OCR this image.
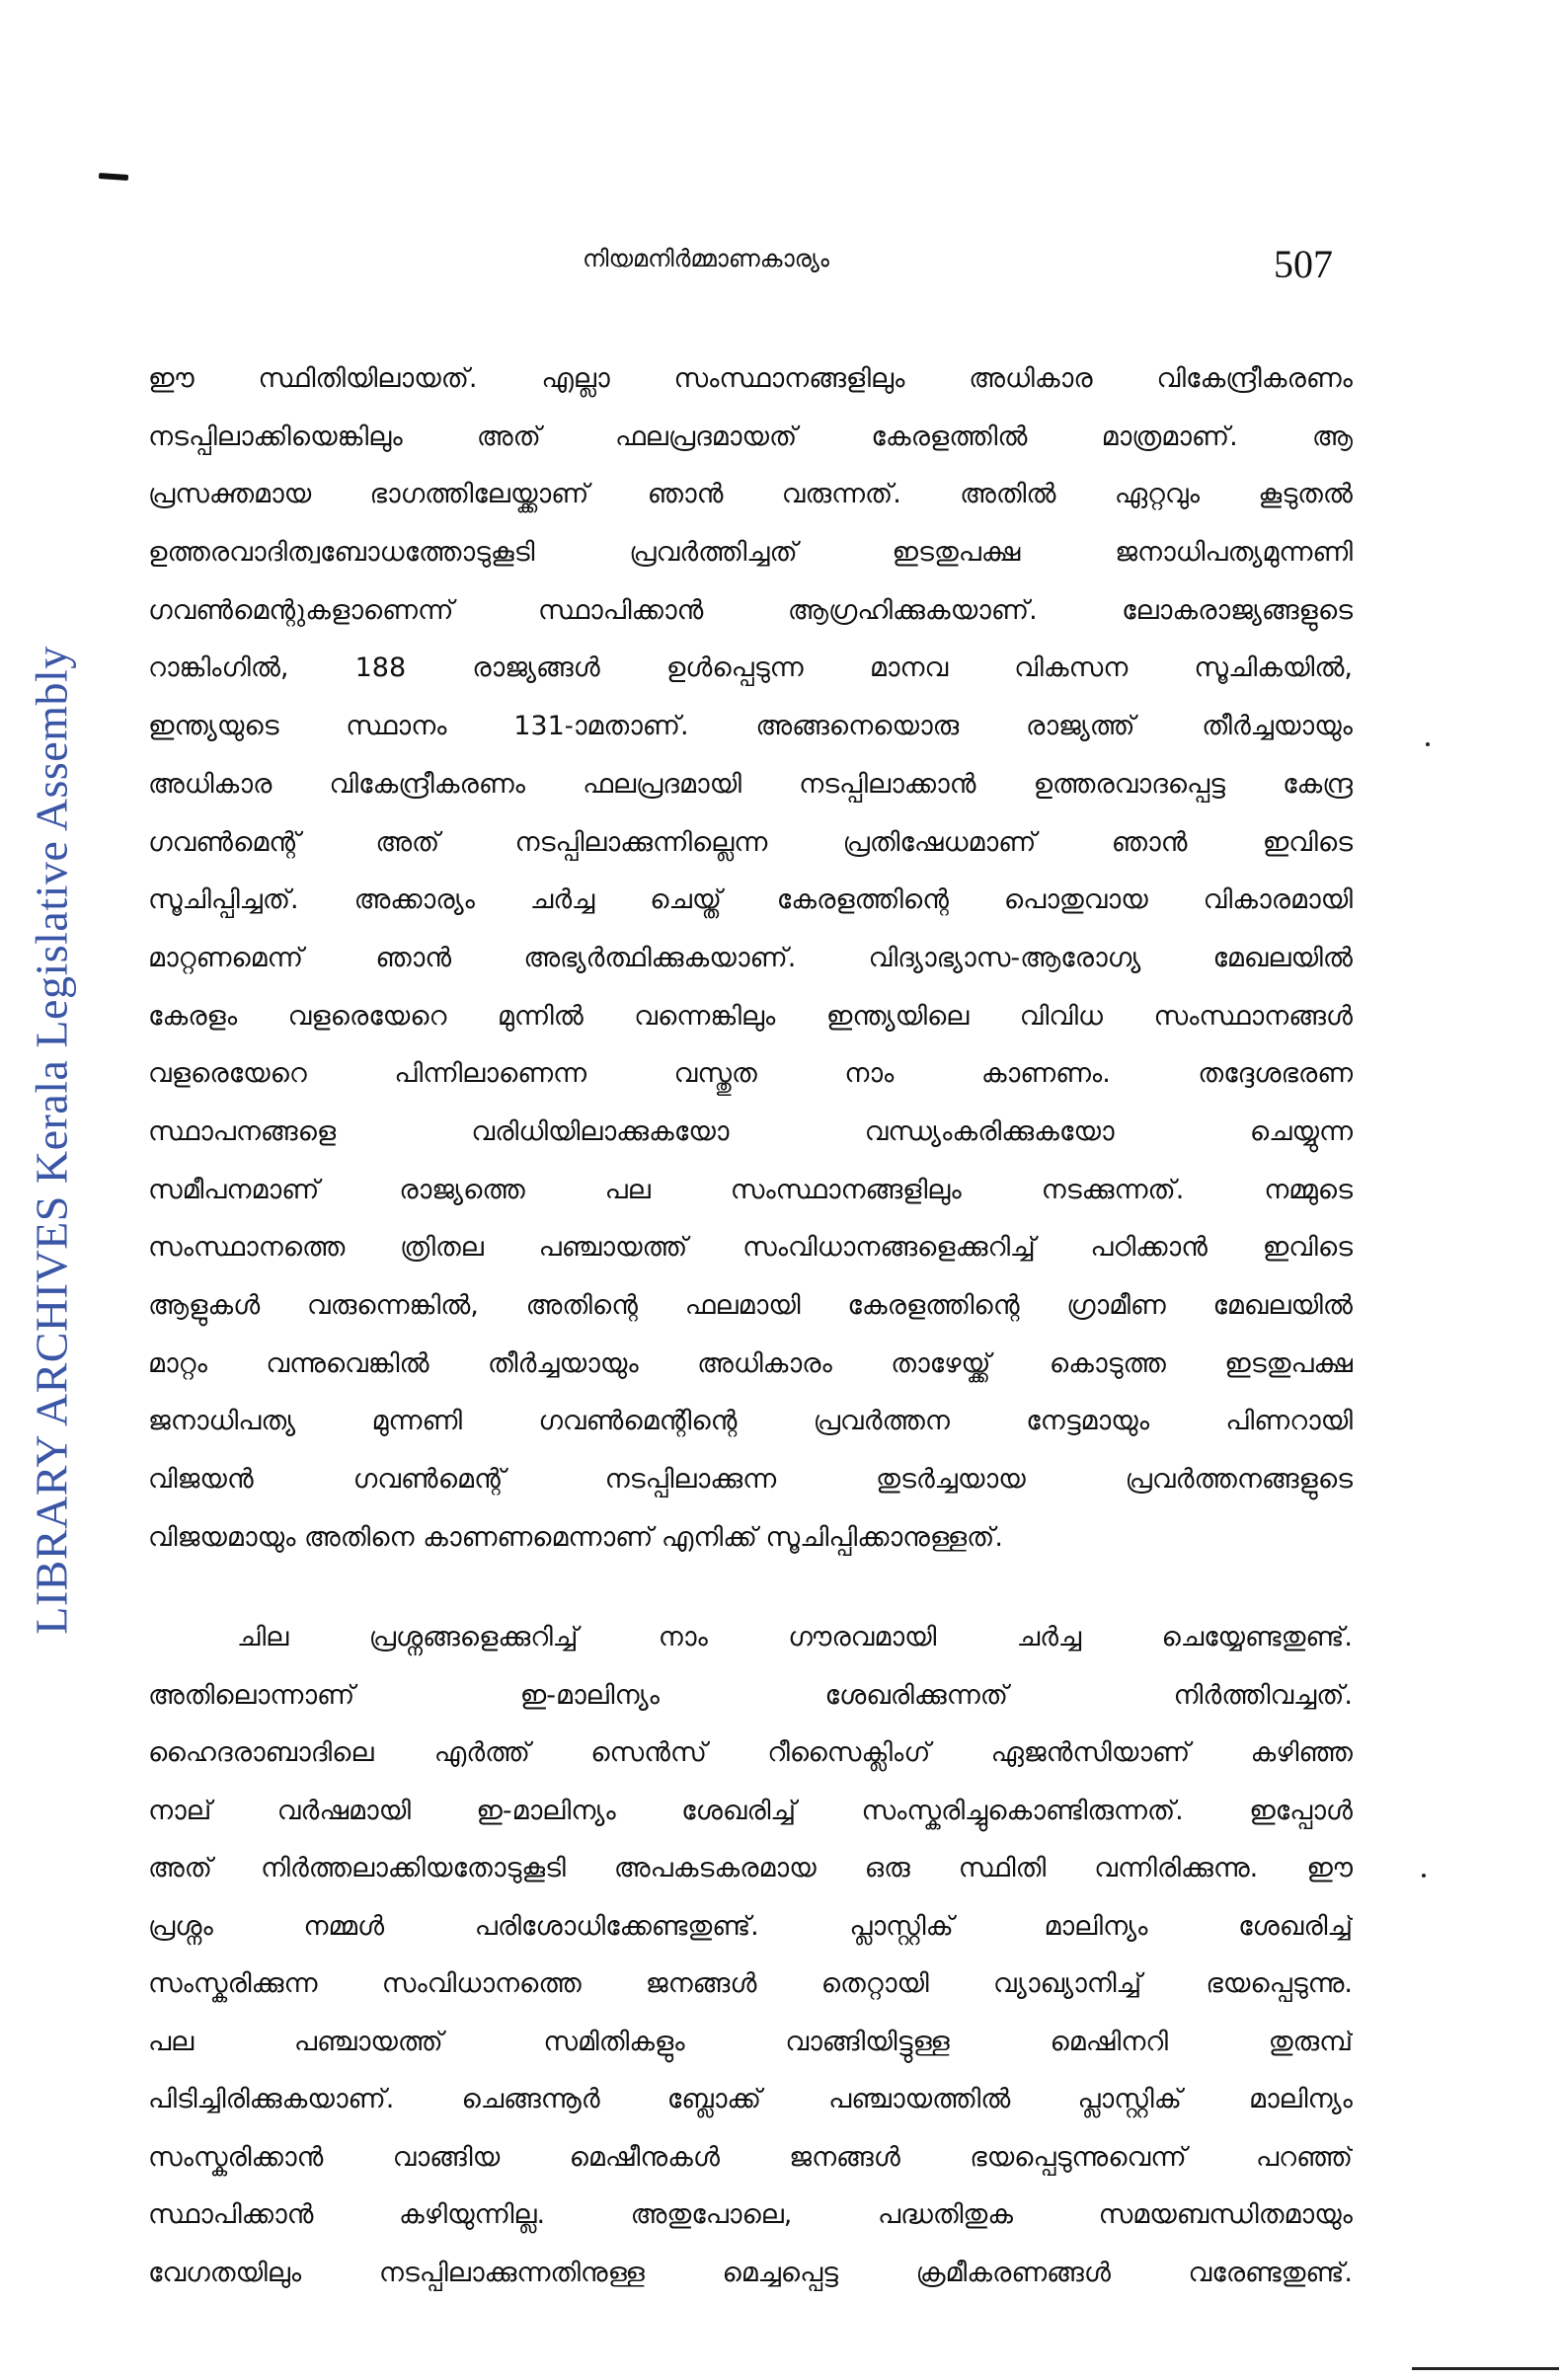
LIBRARY ARCHIVES Kerala Legislative Assembly
നിയമനിർമ്മാണകാര്യം	507
ഈ സ്ഥിതിയിലായത്. എല്ലാ സംസ്ഥാനങ്ങളിലും അധികാര വികേന്ദ്രീകരണം
നടപ്പിലാക്കിയെങ്കിലും അത് ഫലപ്രദമായത് കേരളത്തിൽ മാത്രമാണ്. ആ
പ്രസക്തമായ ഭാഗത്തിലേയ്ക്കാണ് ഞാൻ വരുന്നത്. അതിൽ ഏറ്റവും കൂടുതൽ
ഉത്തരവാദിത്വബോധത്തോടുകൂടി പ്രവർത്തിച്ചത് ഇടതുപക്ഷ ജനാധിപത്യമുന്നണി
ഗവൺമെന്റുകളാണെന്ന് സ്ഥാപിക്കാൻ ആഗ്രഹിക്കുകയാണ്. ലോകരാജ്യങ്ങളുടെ
റാങ്കിംഗിൽ, 188 രാജ്യങ്ങൾ ഉൾപ്പെടുന്ന മാനവ വികസന സൂചികയിൽ,
ഇന്ത്യയുടെ സ്ഥാനം 131-ാമതാണ്. അങ്ങനെയൊരു രാജ്യത്ത് തീർച്ചയായും
അധികാര വികേന്ദ്രീകരണം ഫലപ്രദമായി നടപ്പിലാക്കാൻ ഉത്തരവാദപ്പെട്ട കേന്ദ്ര
ഗവൺമെന്റ് അത് നടപ്പിലാക്കുന്നില്ലെന്ന പ്രതിഷേധമാണ് ഞാൻ ഇവിടെ
സൂചിപ്പിച്ചത്. അക്കാര്യം ചർച്ച ചെയ്ത് കേരളത്തിന്റെ പൊതുവായ വികാരമായി
മാറ്റണമെന്ന് ഞാൻ അഭ്യർത്ഥിക്കുകയാണ്. വിദ്യാഭ്യാസ-ആരോഗ്യ മേഖലയിൽ
കേരളം വളരെയേറെ മുന്നിൽ വന്നെങ്കിലും ഇന്ത്യയിലെ വിവിധ സംസ്ഥാനങ്ങൾ
വളരെയേറെ പിന്നിലാണെന്ന വസ്തുത നാം കാണണം. തദ്ദേശഭരണ
സ്ഥാപനങ്ങളെ വരിധിയിലാക്കുകയോ വന്ധ്യംകരിക്കുകയോ ചെയ്യുന്ന
സമീപനമാണ് രാജ്യത്തെ പല സംസ്ഥാനങ്ങളിലും നടക്കുന്നത്. നമ്മുടെ
സംസ്ഥാനത്തെ ത്രിതല പഞ്ചായത്ത് സംവിധാനങ്ങളെക്കുറിച്ച് പഠിക്കാൻ ഇവിടെ
ആളുകൾ വരുന്നെങ്കിൽ, അതിന്റെ ഫലമായി കേരളത്തിന്റെ ഗ്രാമീണ മേഖലയിൽ
മാറ്റം വന്നുവെങ്കിൽ തീർച്ചയായും അധികാരം താഴേയ്ക്ക് കൊടുത്ത ഇടതുപക്ഷ
ജനാധിപത്യ മുന്നണി ഗവൺമെന്റിന്റെ പ്രവർത്തന നേട്ടമായും പിണറായി
വിജയൻ ഗവൺമെന്റ് നടപ്പിലാക്കുന്ന തുടർച്ചയായ പ്രവർത്തനങ്ങളുടെ
വിജയമായും അതിനെ കാണണമെന്നാണ് എനിക്ക് സൂചിപ്പിക്കാനുള്ളത്.
ചില പ്രശ്നങ്ങളെക്കുറിച്ച് നാം ഗൗരവമായി ചർച്ച ചെയ്യേണ്ടതുണ്ട്.
അതിലൊന്നാണ് ഇ-മാലിന്യം ശേഖരിക്കുന്നത് നിർത്തിവച്ചത്.
ഹൈദരാബാദിലെ എർത്ത് സെൻസ് റീസൈക്ലിംഗ് ഏജൻസിയാണ് കഴിഞ്ഞ
നാല് വർഷമായി ഇ-മാലിന്യം ശേഖരിച്ച് സംസ്കരിച്ചുകൊണ്ടിരുന്നത്. ഇപ്പോൾ
അത് നിർത്തലാക്കിയതോടുകൂടി അപകടകരമായ ഒരു സ്ഥിതി വന്നിരിക്കുന്നു. ഈ
പ്രശ്നം നമ്മൾ പരിശോധിക്കേണ്ടതുണ്ട്. പ്ലാസ്റ്റിക് മാലിന്യം ശേഖരിച്ച്
സംസ്കരിക്കുന്ന സംവിധാനത്തെ ജനങ്ങൾ തെറ്റായി വ്യാഖ്യാനിച്ച് ഭയപ്പെടുന്നു.
പല പഞ്ചായത്ത് സമിതികളും വാങ്ങിയിട്ടുള്ള മെഷിനറി തുരുമ്പ്
പിടിച്ചിരിക്കുകയാണ്. ചെങ്ങന്നൂർ ബ്ലോക്ക് പഞ്ചായത്തിൽ പ്ലാസ്റ്റിക് മാലിന്യം
സംസ്കരിക്കാൻ വാങ്ങിയ മെഷീനുകൾ ജനങ്ങൾ ഭയപ്പെടുന്നുവെന്ന് പറഞ്ഞ്
സ്ഥാപിക്കാൻ കഴിയുന്നില്ല. അതുപോലെ, പദ്ധതിതുക സമയബന്ധിതമായും
വേഗതയിലും നടപ്പിലാക്കുന്നതിനുള്ള മെച്ചപ്പെട്ട ക്രമീകരണങ്ങൾ വരേണ്ടതുണ്ട്.
